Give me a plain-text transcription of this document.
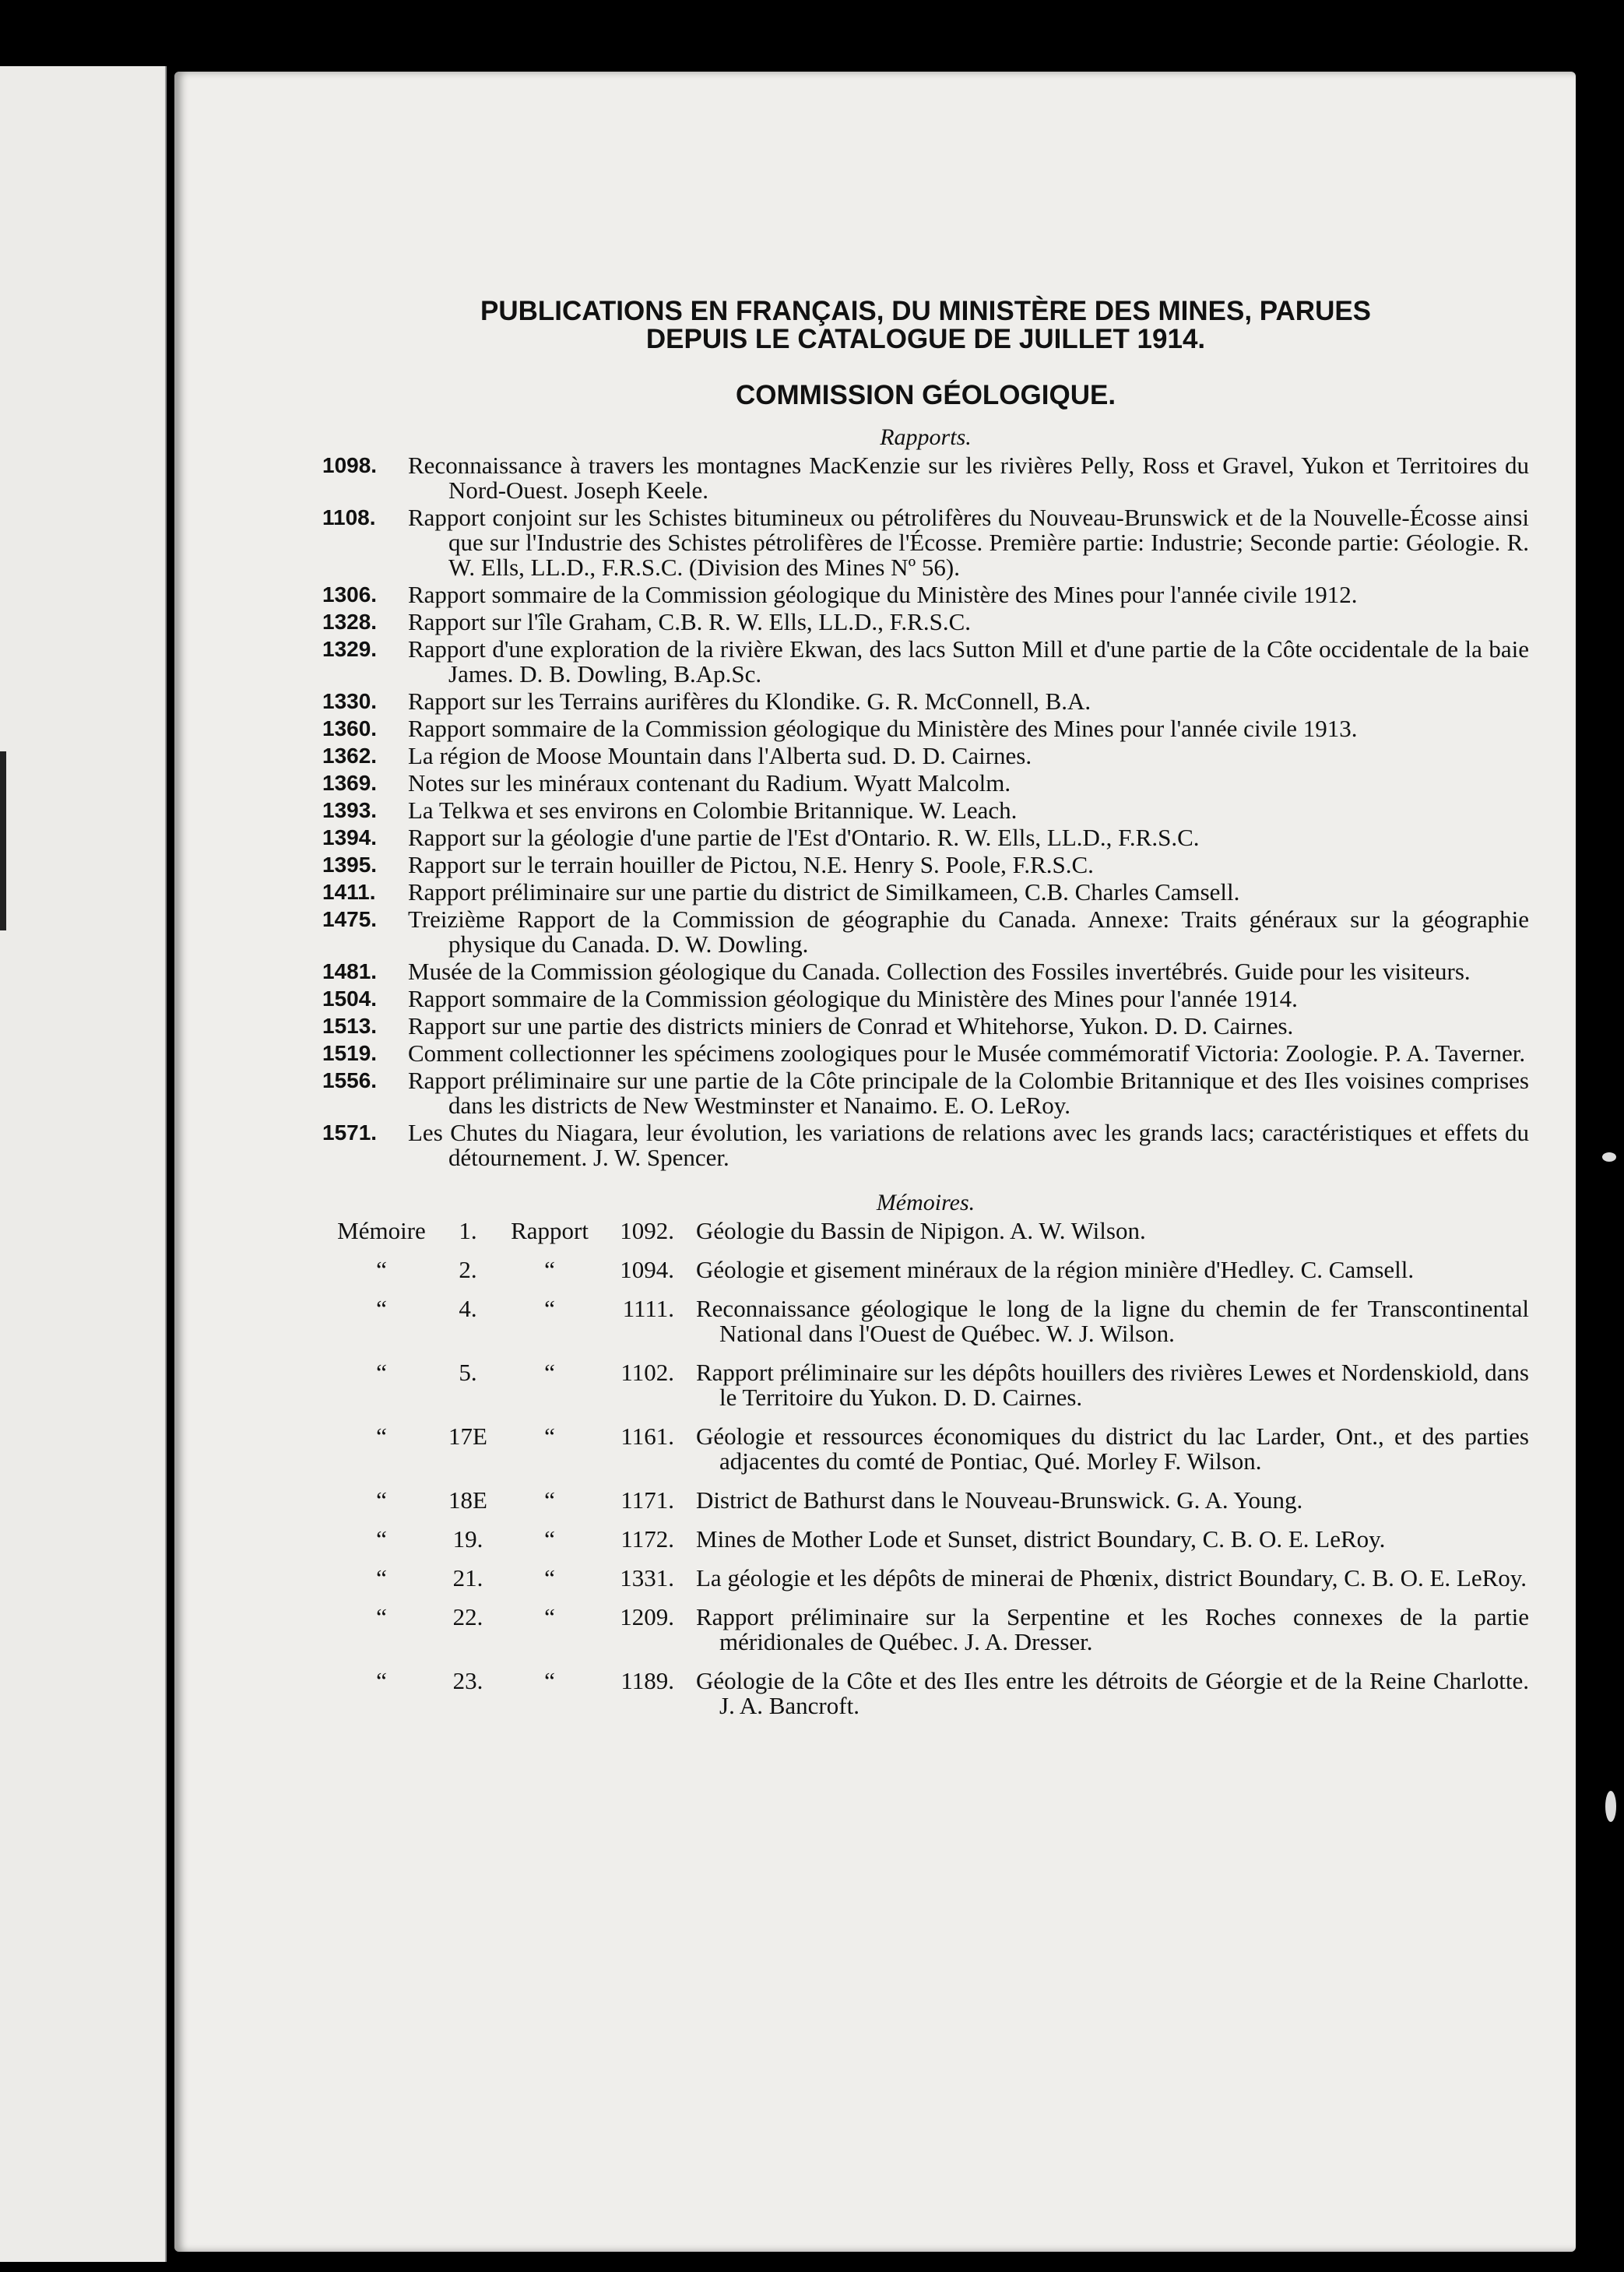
PUBLICATIONS EN FRANÇAIS, DU MINISTÈRE DES MINES, PARUES

DEPUIS LE CATALOGUE DE JUILLET 1914.

COMMISSION GÉOLOGIQUE.

Rapports.

1098.	Reconnaissance à travers les montagnes MacKenzie sur les rivières Pelly, Ross et Gravel, Yukon et Territoires du Nord-Ouest. Joseph Keele.
1108.	Rapport conjoint sur les Schistes bitumineux ou pétrolifères du Nouveau-Brunswick et de la Nouvelle-Écosse ainsi que sur l'Industrie des Schistes pétrolifères de l'Écosse. Première partie: Industrie; Seconde partie: Géologie. R. W. Ells, LL.D., F.R.S.C. (Division des Mines Nº 56).
1306.	Rapport sommaire de la Commission géologique du Ministère des Mines pour l'année civile 1912.
1328.	Rapport sur l'île Graham, C.B. R. W. Ells, LL.D., F.R.S.C.
1329.	Rapport d'une exploration de la rivière Ekwan, des lacs Sutton Mill et d'une partie de la Côte occidentale de la baie James. D. B. Dowling, B.Ap.Sc.
1330.	Rapport sur les Terrains aurifères du Klondike. G. R. McConnell, B.A.
1360.	Rapport sommaire de la Commission géologique du Ministère des Mines pour l'année civile 1913.
1362.	La région de Moose Mountain dans l'Alberta sud. D. D. Cairnes.
1369.	Notes sur les minéraux contenant du Radium. Wyatt Malcolm.
1393.	La Telkwa et ses environs en Colombie Britannique. W. Leach.
1394.	Rapport sur la géologie d'une partie de l'Est d'Ontario. R. W. Ells, LL.D., F.R.S.C.
1395.	Rapport sur le terrain houiller de Pictou, N.E. Henry S. Poole, F.R.S.C.
1411.	Rapport préliminaire sur une partie du district de Similkameen, C.B. Charles Camsell.
1475.	Treizième Rapport de la Commission de géographie du Canada. Annexe: Traits généraux sur la géographie physique du Canada. D. W. Dowling.
1481.	Musée de la Commission géologique du Canada. Collection des Fossiles invertébrés. Guide pour les visiteurs.
1504.	Rapport sommaire de la Commission géologique du Ministère des Mines pour l'année 1914.
1513.	Rapport sur une partie des districts miniers de Conrad et Whitehorse, Yukon. D. D. Cairnes.
1519.	Comment collectionner les spécimens zoologiques pour le Musée commémoratif Victoria: Zoologie. P. A. Taverner.
1556.	Rapport préliminaire sur une partie de la Côte principale de la Colombie Britannique et des Iles voisines comprises dans les districts de New Westminster et Nanaimo. E. O. LeRoy.
1571.	Les Chutes du Niagara, leur évolution, les variations de relations avec les grands lacs; caractéristiques et effets du détournement. J. W. Spencer.

Mémoires.

Mémoire	1.	Rapport	1092. Géologie du Bassin de Nipigon. A. W. Wilson.
“	2.	“	1094. Géologie et gisement minéraux de la région minière d'Hedley. C. Camsell.
“	4.	“	1111. Reconnaissance géologique le long de la ligne du chemin de fer Transcontinental National dans l'Ouest de Québec. W. J. Wilson.
“	5.	“	1102. Rapport préliminaire sur les dépôts houillers des rivières Lewes et Nordenskiold, dans le Territoire du Yukon. D. D. Cairnes.
“	17E	“	1161. Géologie et ressources économiques du district du lac Larder, Ont., et des parties adjacentes du comté de Pontiac, Qué. Morley F. Wilson.
“	18E	“	1171. District de Bathurst dans le Nouveau-Brunswick. G. A. Young.
“	19.	“	1172. Mines de Mother Lode et Sunset, district Boundary, C. B. O. E. LeRoy.
“	21.	“	1331. La géologie et les dépôts de minerai de Phœnix, district Boundary, C. B. O. E. LeRoy.
“	22.	“	1209. Rapport préliminaire sur la Serpentine et les Roches connexes de la partie méridionales de Québec. J. A. Dresser.
“	23.	“	1189. Géologie de la Côte et des Iles entre les détroits de Géorgie et de la Reine Charlotte. J. A. Bancroft.
